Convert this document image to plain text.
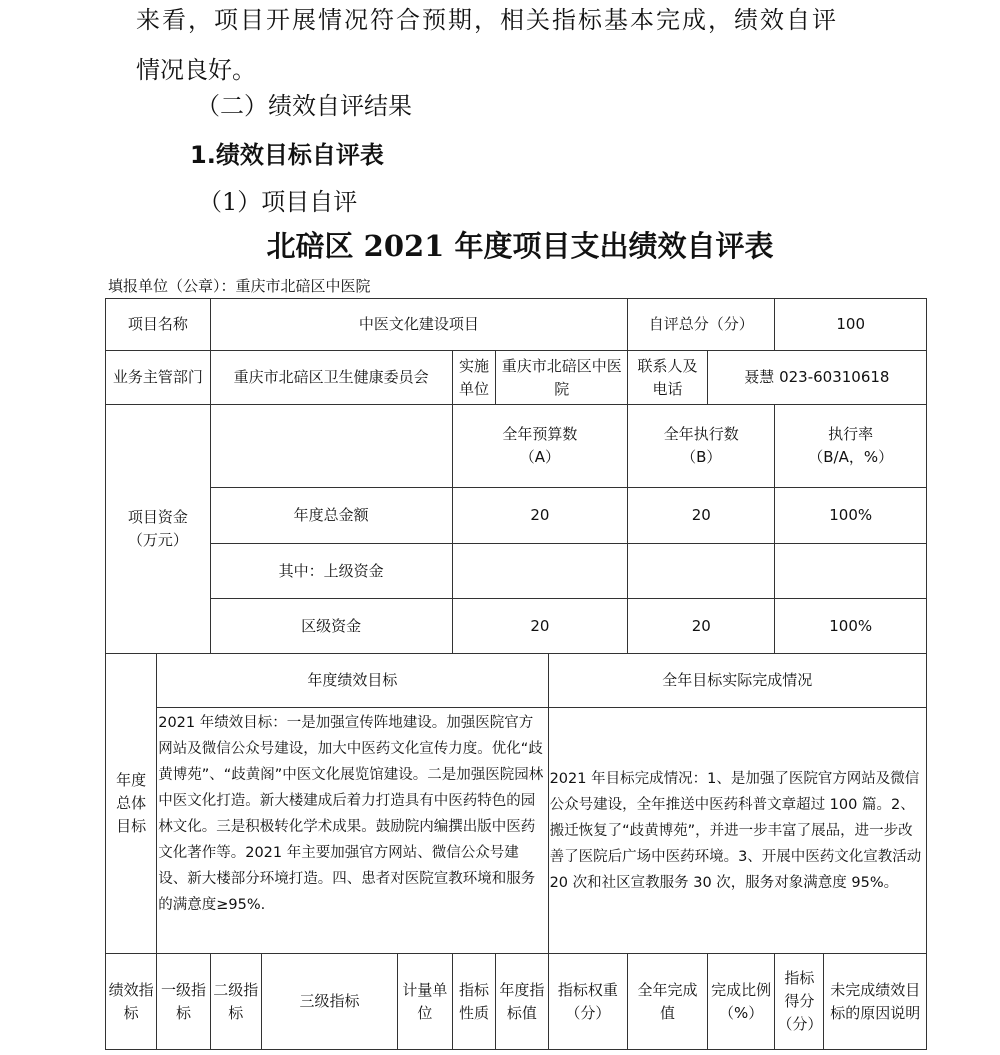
来看，项目开展情况符合预期，相关指标基本完成，绩效自评
情况良好。
（二）绩效自评结果
1.绩效目标自评表
（1）项目自评
北碚区 2021 年度项目支出绩效自评表
填报单位（公章）：重庆市北碚区中医院
项目名称		中医文化建设项目						自评总分（分）		100	
业务主管部门		重庆市北碚区卫生健康委员会			实施单位	重庆市北碚区中医院		联系人及电话	聂慧 023-60310618		
项目资金（万元）					全年预算数（A）			全年执行数（B）		执行率（B/A，%）	
		年度总金额			20			20		100%	
		其中：上级资金									
		区级资金			20			20		100%	
年度总体目标	年度绩效目标						全年目标实际完成情况				
	2021 年绩效目标：一是加强宣传阵地建设。加强医院官方网站及微信公众号建设，加大中医药文化宣传力度。优化“歧黄博苑”、“歧黄阁”中医文化展览馆建设。二是加强医院园林中医文化打造。新大楼建成后着力打造具有中医药特色的园林文化。三是积极转化学术成果。鼓励院内编撰出版中医药文化著作等。2021 年主要加强官方网站、微信公众号建设、新大楼部分环境打造。四、患者对医院宣教环境和服务的满意度≥95%.						2021 年目标完成情况：1、是加强了医院官方网站及微信公众号建设，全年推送中医药科普文章超过 100 篇。2、搬迁恢复了“歧黄博苑”，并进一步丰富了展品，进一步改善了医院后广场中医药环境。3、开展中医药文化宣教活动 20 次和社区宣教服务 30 次，服务对象满意度 95%。				
绩效指标	一级指标	二级指标	三级指标	计量单位	指标性质	年度指标值	指标权重（分）	全年完成值	完成比例（%）	指标得分（分）	未完成绩效目标的原因说明
